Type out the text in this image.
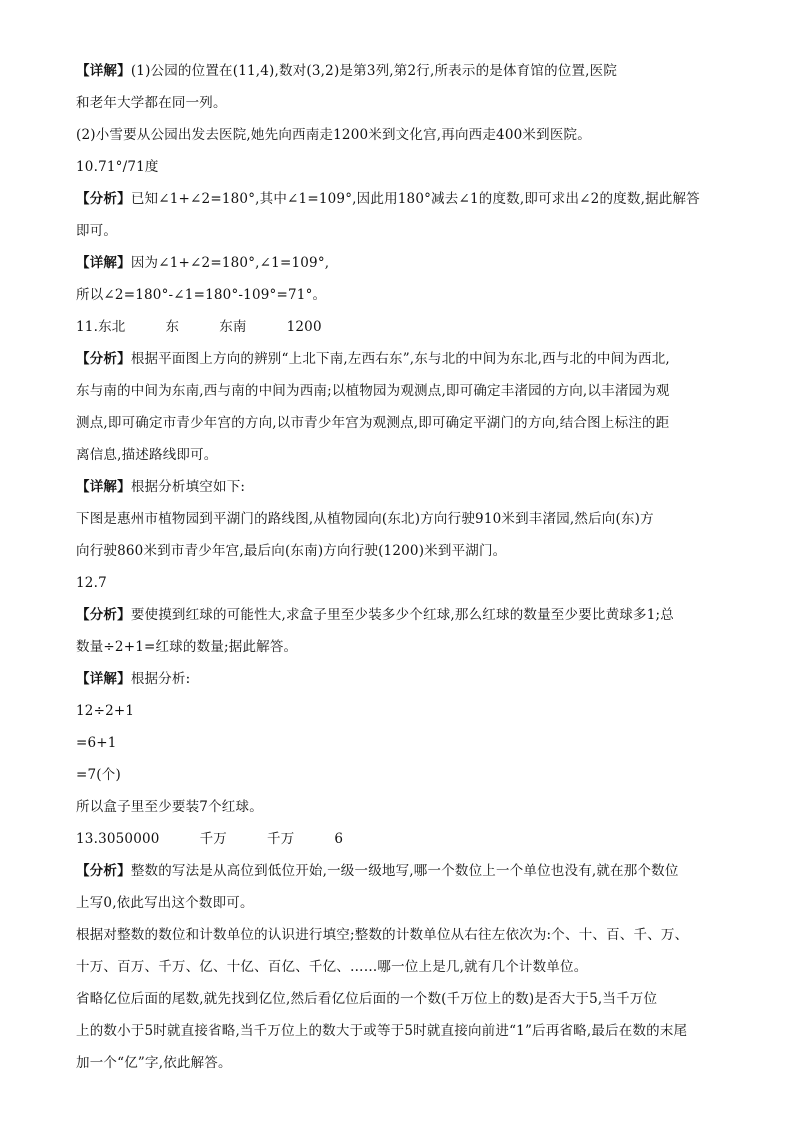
【详解】(1)公园的位置在(11,4),数对(3,2)是第3列,第2行,所表示的是体育馆的位置,医院
和老年大学都在同一列。
(2)小雪要从公园出发去医院,她先向西南走1200米到文化宫,再向西走400米到医院。
10.71°/71度
【分析】已知∠1+∠2=180°,其中∠1=109°,因此用180°减去∠1的度数,即可求出∠2的度数,据此解答
即可。
【详解】因为∠1+∠2=180°,∠1=109°,
所以∠2=180°-∠1=180°-109°=71°。
11.东北	东	东南	1200
【分析】根据平面图上方向的辨别“上北下南,左西右东”,东与北的中间为东北,西与北的中间为西北,
东与南的中间为东南,西与南的中间为西南;以植物园为观测点,即可确定丰渚园的方向,以丰渚园为观
测点,即可确定市青少年宫的方向,以市青少年宫为观测点,即可确定平湖门的方向,结合图上标注的距
离信息,描述路线即可。
【详解】根据分析填空如下:
下图是惠州市植物园到平湖门的路线图,从植物园向(东北)方向行驶910米到丰渚园,然后向(东)方
向行驶860米到市青少年宫,最后向(东南)方向行驶(1200)米到平湖门。
12.7
【分析】要使摸到红球的可能性大,求盒子里至少装多少个红球,那么红球的数量至少要比黄球多1;总
数量÷2+1=红球的数量;据此解答。
【详解】根据分析:
12÷2+1
=6+1
=7(个)
所以盒子里至少要装7个红球。
13.3050000	千万	千万	6
【分析】整数的写法是从高位到低位开始,一级一级地写,哪一个数位上一个单位也没有,就在那个数位
上写0,依此写出这个数即可。
根据对整数的数位和计数单位的认识进行填空;整数的计数单位从右往左依次为:个、十、百、千、万、
十万、百万、千万、亿、十亿、百亿、千亿、……哪一位上是几,就有几个计数单位。
省略亿位后面的尾数,就先找到亿位,然后看亿位后面的一个数(千万位上的数)是否大于5,当千万位
上的数小于5时就直接省略,当千万位上的数大于或等于5时就直接向前进“1”后再省略,最后在数的末尾
加一个“亿”字,依此解答。
